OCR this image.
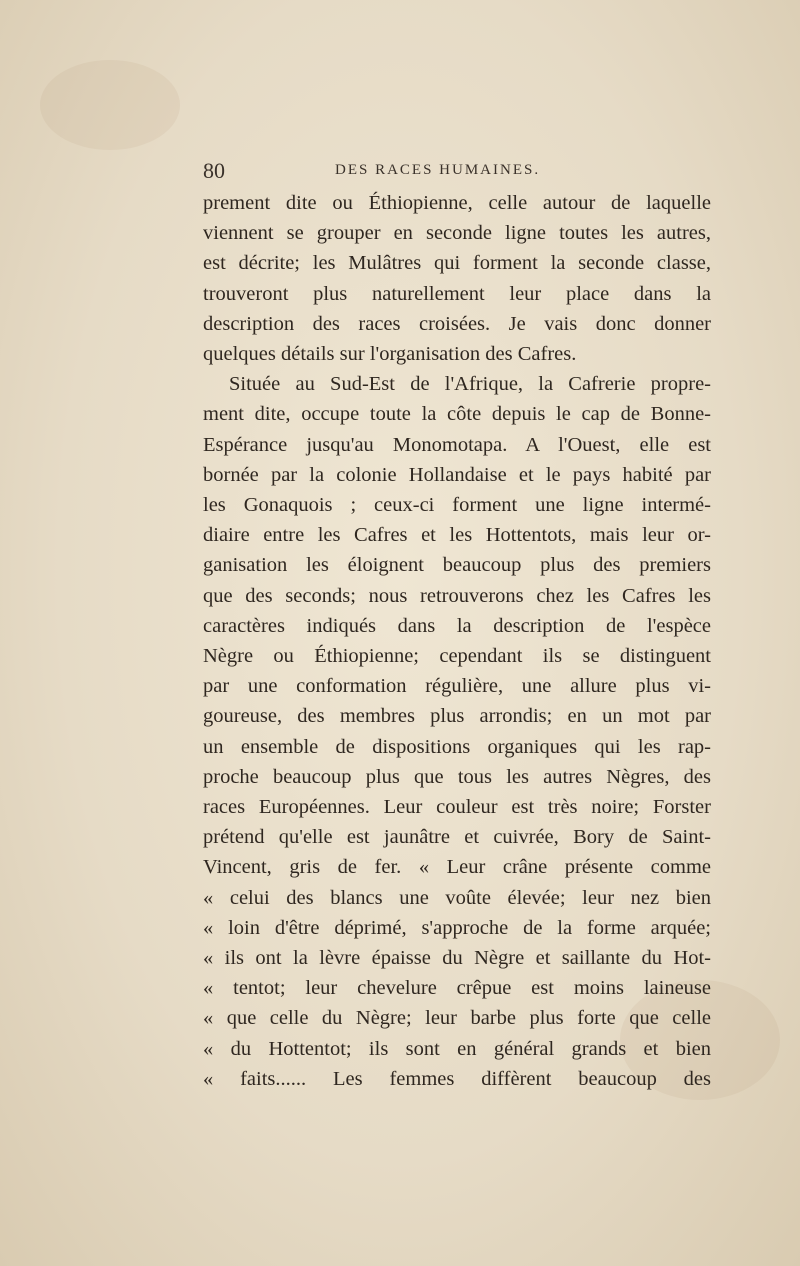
80	DES RACES HUMAINES.
prement dite ou Éthiopienne, celle autour de laquelle
viennent se grouper en seconde ligne toutes les autres,
est décrite; les Mulâtres qui forment la seconde classe,
trouveront plus naturellement leur place dans la
description des races croisées. Je vais donc donner
quelques détails sur l'organisation des Cafres.
Située au Sud-Est de l'Afrique, la Cafrerie propre-
ment dite, occupe toute la côte depuis le cap de Bonne-
Espérance jusqu'au Monomotapa. A l'Ouest, elle est
bornée par la colonie Hollandaise et le pays habité par
les Gonaquois ; ceux-ci forment une ligne intermé-
diaire entre les Cafres et les Hottentots, mais leur or-
ganisation les éloignent beaucoup plus des premiers
que des seconds; nous retrouverons chez les Cafres les
caractères indiqués dans la description de l'espèce
Nègre ou Éthiopienne; cependant ils se distinguent
par une conformation régulière, une allure plus vi-
goureuse, des membres plus arrondis; en un mot par
un ensemble de dispositions organiques qui les rap-
proche beaucoup plus que tous les autres Nègres, des
races Européennes. Leur couleur est très noire; Forster
prétend qu'elle est jaunâtre et cuivrée, Bory de Saint-
Vincent, gris de fer. « Leur crâne présente comme
« celui des blancs une voûte élevée; leur nez bien
« loin d'être déprimé, s'approche de la forme arquée;
« ils ont la lèvre épaisse du Nègre et saillante du Hot-
« tentot; leur chevelure crêpue est moins laineuse
« que celle du Nègre; leur barbe plus forte que celle
« du Hottentot; ils sont en général grands et bien
« faits...... Les femmes diffèrent beaucoup des
